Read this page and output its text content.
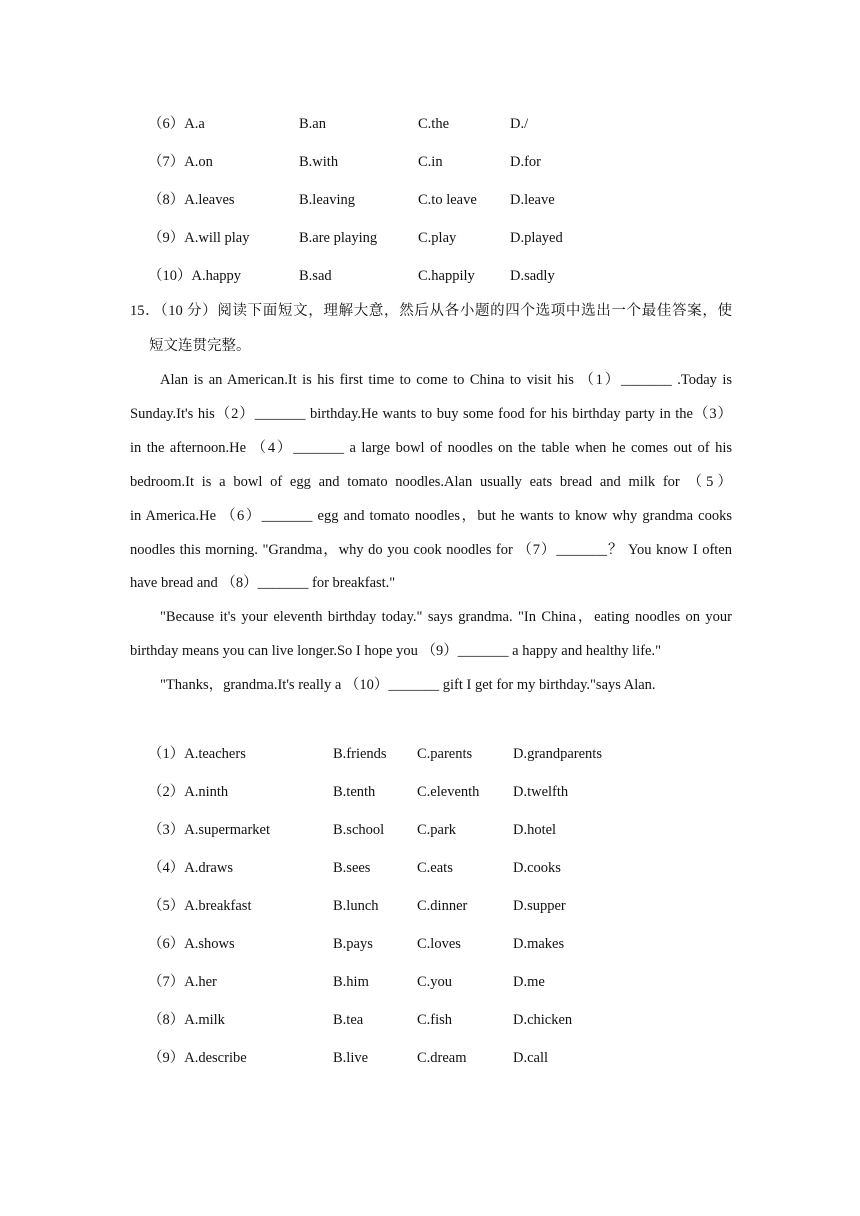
（6）A.a	B.an	C.the	D./
（7）A.on	B.with	C.in	D.for
（8）A.leaves	B.leaving	C.to leave D.leave
（9）A.will play	B.are playing	C.play	D.played
（10）A.happy	B.sad	C.happily D.sadly
15．（10 分）阅读下面短文，理解大意，然后从各小题的四个选项中选出一个最佳答案，使
短文连贯完整。
Alan is an American.It is his first time to come to China to visit his （1）_______ .Today is
Sunday.It's his（2）_______ birthday.He wants to buy some food for his birthday party in the（3）
in the afternoon.He （4）_______ a large bowl of noodles on the table when he comes out of his
bedroom.It is a bowl of egg and tomato noodles.Alan usually eats bread and milk for （5）
in America.He （6）_______ egg and tomato noodles，but he wants to know why grandma cooks
noodles this morning. "Grandma，why do you cook noodles for （7）_______？ You know I often
have bread and （8）_______ for breakfast."
"Because it's your eleventh birthday today." says grandma. "In China，eating noodles on your
birthday means you can live longer.So I hope you （9）_______ a happy and healthy life."
"Thanks，grandma.It's really a （10）_______ gift I get for my birthday."says Alan.
（1）A.teachers	B.friends C.parents	D.grandparents
（2）A.ninth	B.tenth	C.eleventh D.twelfth
（3）A.supermarket	B.school C.park	D.hotel
（4）A.draws	B.sees	C.eats	D.cooks
（5）A.breakfast	B.lunch	C.dinner	D.supper
（6）A.shows	B.pays	C.loves	D.makes
（7）A.her	B.him	C.you	D.me
（8）A.milk	B.tea	C.fish	D.chicken
（9）A.describe	B.live	C.dream	D.call
